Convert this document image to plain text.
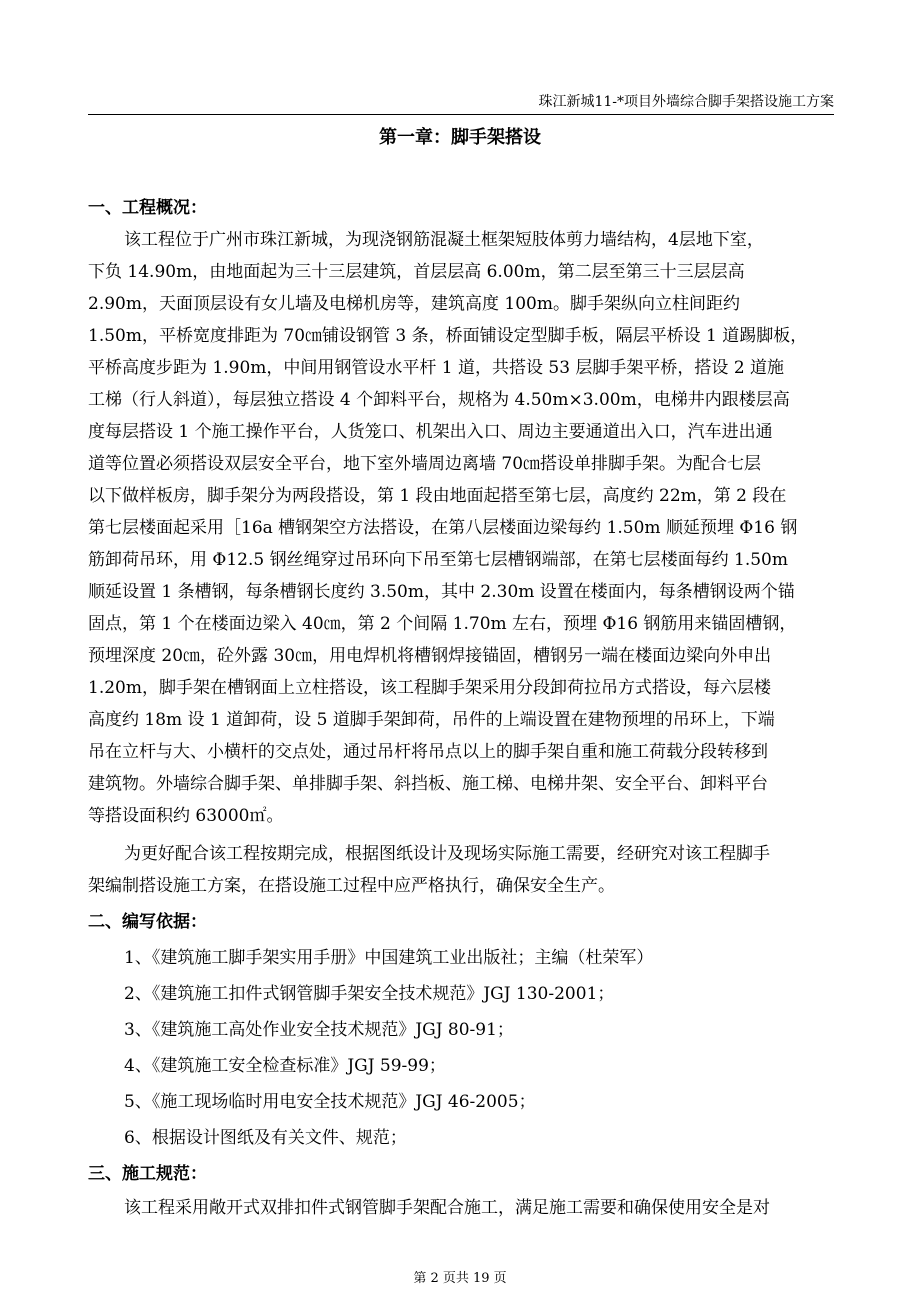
珠江新城11-*项目外墙综合脚手架搭设施工方案
第一章：脚手架搭设
一、工程概况：
该工程位于广州市珠江新城，为现浇钢筋混凝土框架短肢体剪力墙结构，4层地下室，
下负 14.90m，由地面起为三十三层建筑，首层层高 6.00m，第二层至第三十三层层高
2.90m，天面顶层设有女儿墙及电梯机房等，建筑高度 100m。脚手架纵向立柱间距约
1.50m，平桥宽度排距为 70㎝铺设钢管 3 条，桥面铺设定型脚手板，隔层平桥设 1 道踢脚板，
平桥高度步距为 1.90m，中间用钢管设水平杆 1 道，共搭设 53 层脚手架平桥，搭设 2 道施
工梯（行人斜道），每层独立搭设 4 个卸料平台，规格为 4.50m×3.00m，电梯井内跟楼层高
度每层搭设 1 个施工操作平台，人货笼口、机架出入口、周边主要通道出入口，汽车进出通
道等位置必须搭设双层安全平台，地下室外墙周边离墙 70㎝搭设单排脚手架。为配合七层
以下做样板房，脚手架分为两段搭设，第 1 段由地面起搭至第七层，高度约 22m，第 2 段在
第七层楼面起采用［16a 槽钢架空方法搭设，在第八层楼面边梁每约 1.50m 顺延预埋 Φ16 钢
筋卸荷吊环，用 Φ12.5 钢丝绳穿过吊环向下吊至第七层槽钢端部，在第七层楼面每约 1.50m
顺延设置 1 条槽钢，每条槽钢长度约 3.50m，其中 2.30m 设置在楼面内，每条槽钢设两个锚
固点，第 1 个在楼面边梁入 40㎝，第 2 个间隔 1.70m 左右，预埋 Φ16 钢筋用来锚固槽钢，
预埋深度 20㎝，砼外露 30㎝，用电焊机将槽钢焊接锚固，槽钢另一端在楼面边梁向外申出
1.20m，脚手架在槽钢面上立柱搭设，该工程脚手架采用分段卸荷拉吊方式搭设，每六层楼
高度约 18m 设 1 道卸荷，设 5 道脚手架卸荷，吊件的上端设置在建物预埋的吊环上，下端
吊在立杆与大、小横杆的交点处，通过吊杆将吊点以上的脚手架自重和施工荷载分段转移到
建筑物。外墙综合脚手架、单排脚手架、斜挡板、施工梯、电梯井架、安全平台、卸料平台
等搭设面积约 63000㎡。
为更好配合该工程按期完成，根据图纸设计及现场实际施工需要，经研究对该工程脚手
架编制搭设施工方案，在搭设施工过程中应严格执行，确保安全生产。
二、编写依据：
1、《建筑施工脚手架实用手册》中国建筑工业出版社；主编（杜荣军）
2、《建筑施工扣件式钢管脚手架安全技术规范》JGJ 130-2001；
3、《建筑施工高处作业安全技术规范》JGJ 80-91；
4、《建筑施工安全检查标准》JGJ 59-99；
5、《施工现场临时用电安全技术规范》JGJ 46-2005；
6、根据设计图纸及有关文件、规范；
三、施工规范：
该工程采用敞开式双排扣件式钢管脚手架配合施工，满足施工需要和确保使用安全是对
第 2 页共 19 页
